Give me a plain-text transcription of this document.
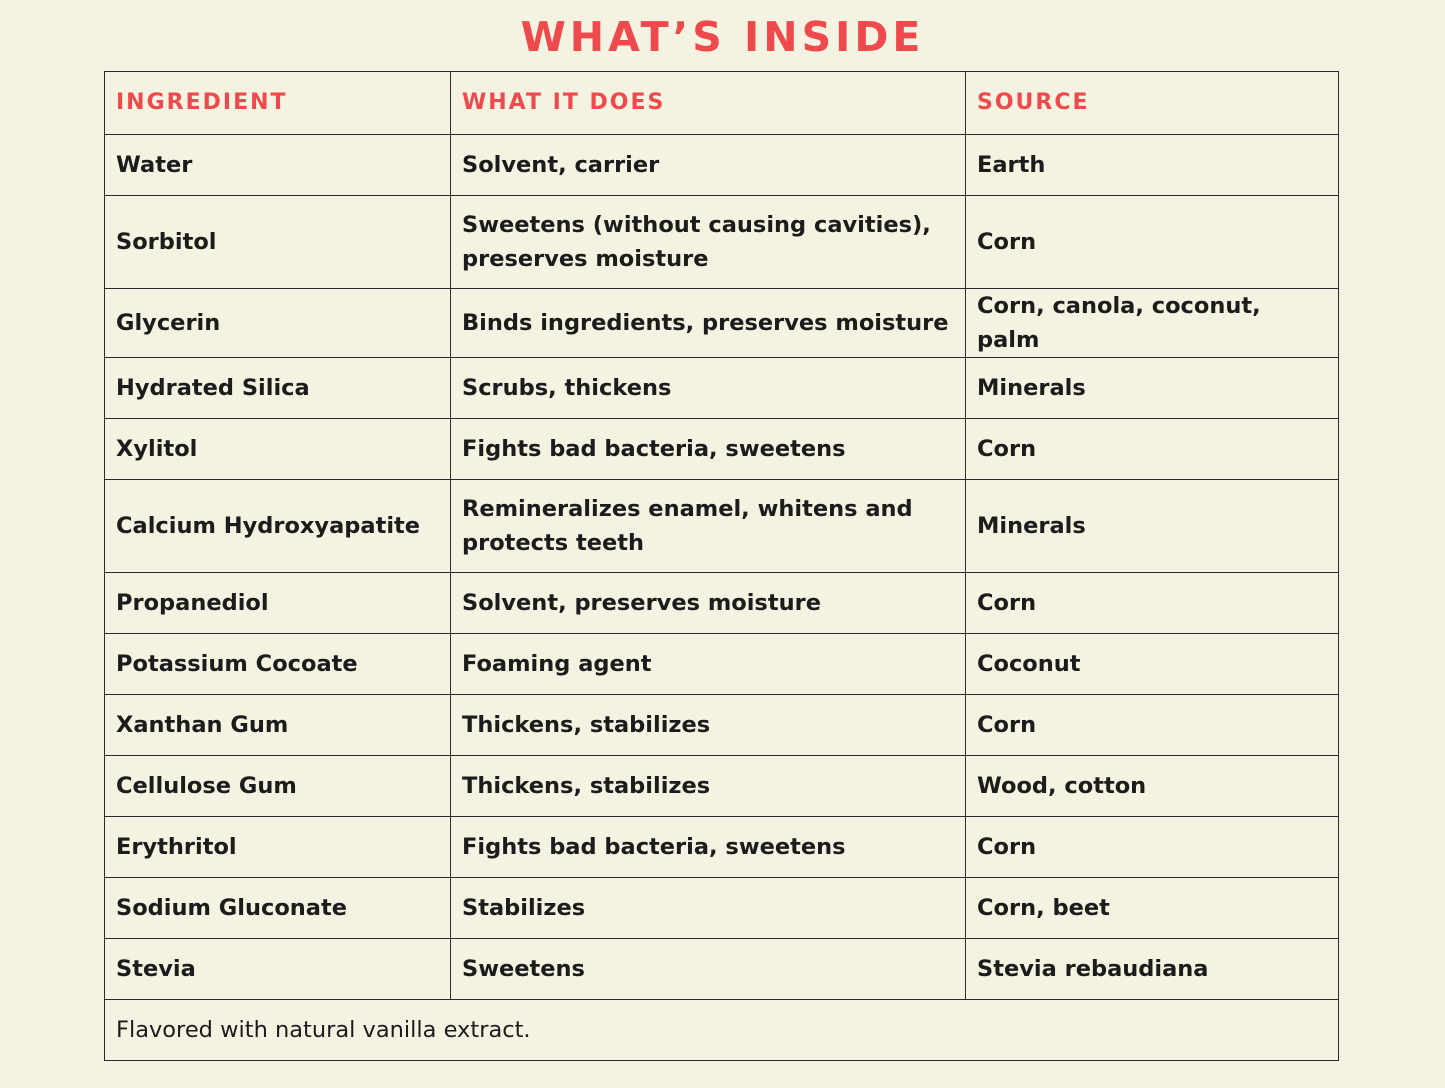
WHAT’S INSIDE
INGREDIENT	WHAT IT DOES	SOURCE
Water	Solvent, carrier	Earth
Sorbitol	Sweetens (without causing cavities), preserves moisture	Corn
Glycerin	Binds ingredients, preserves moisture	Corn, canola, coconut, palm
Hydrated Silica	Scrubs, thickens	Minerals
Xylitol	Fights bad bacteria, sweetens	Corn
Calcium Hydroxyapatite	Remineralizes enamel, whitens and protects teeth	Minerals
Propanediol	Solvent, preserves moisture	Corn
Potassium Cocoate	Foaming agent	Coconut
Xanthan Gum	Thickens, stabilizes	Corn
Cellulose Gum	Thickens, stabilizes	Wood, cotton
Erythritol	Fights bad bacteria, sweetens	Corn
Sodium Gluconate	Stabilizes	Corn, beet
Stevia	Sweetens	Stevia rebaudiana
Flavored with natural vanilla extract.		
